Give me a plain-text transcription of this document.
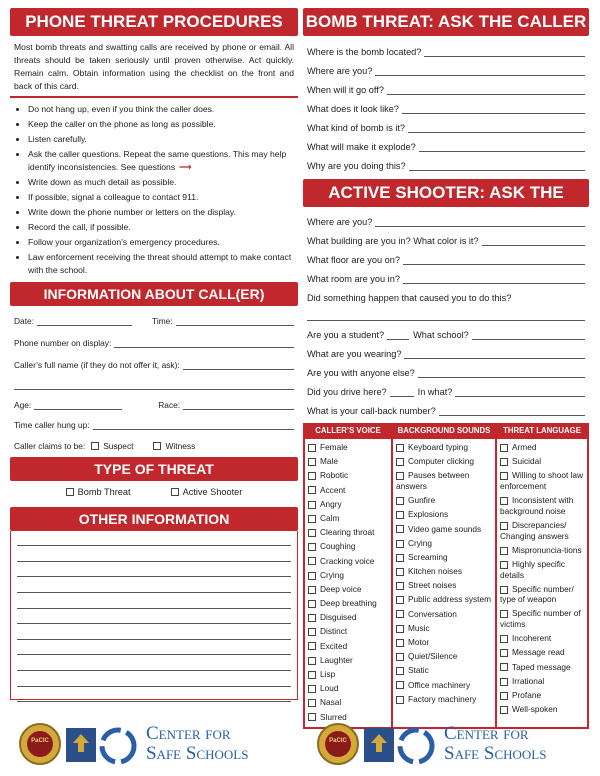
PHONE THREAT PROCEDURES
Most bomb threats and swatting calls are received by phone or email. All threats should be taken seriously until proven otherwise. Act quickly. Remain calm. Obtain information using the checklist on the front and back of this card.
• Do not hang up, even if you think the caller does.
• Keep the caller on the phone as long as possible.
• Listen carefully.
• Ask the caller questions. Repeat the same questions. This may help identify inconsistencies. See questions ⟶
• Write down as much detail as possible.
• If possible, signal a colleague to contact 911.
• Write down the phone number or letters on the display.
• Record the call, if possible.
• Follow your organization’s emergency procedures.
• Law enforcement receiving the threat should attempt to make contact with the school.
INFORMATION ABOUT CALL(ER)
Date:	Time:
Phone number on display:
Caller’s full name (if they do not offer it, ask):
Age:	Race:
Time caller hung up:
Caller claims to be:	Suspect	Witness
TYPE OF THREAT
Bomb Threat	Active Shooter
OTHER INFORMATION
BOMB THREAT: ASK THE CALLER
Where is the bomb located?
Where are you?
When will it go off?
What does it look like?
What kind of bomb is it?
What will make it explode?
Why are you doing this?
ACTIVE SHOOTER: ASK THE CALLER
Where are you?
What building are you in? What color is it?
What floor are you on?
What room are you in?
Did something happen that caused you to do this?
Are you a student?	What school?
What are you wearing?
Are you with anyone else?
Did you drive here?	In what?
What is your call-back number?
CALLER’S VOICE
Female
Male
Robotic
Accent
Angry
Calm
Clearing throat
Coughing
Cracking voice
Crying
Deep voice
Deep breathing
Disguised
Distinct
Excited
Laughter
Lisp
Loud
Nasal
Slurred
BACKGROUND SOUNDS
Keyboard typing
Computer clicking
Pauses between answers
Gunfire
Explosions
Video game sounds
Crying
Screaming
Kitchen noises
Street noises
Public address system
Conversation
Music
Motor
Quiet/Silence
Static
Office machinery
Factory machinery
THREAT LANGUAGE
Armed
Suicidal
Willing to shoot law enforcement
Inconsistent with background noise
Discrepancies/ Changing answers
Mispronuncia-tions
Highly specific details
Specific number/ type of weapon
Specific number of victims
Incoherent
Message read
Taped message
Irrational
Profane
Well-spoken
PaCIC	Center for
Safe Schools
PaCIC	Center for
Safe Schools
